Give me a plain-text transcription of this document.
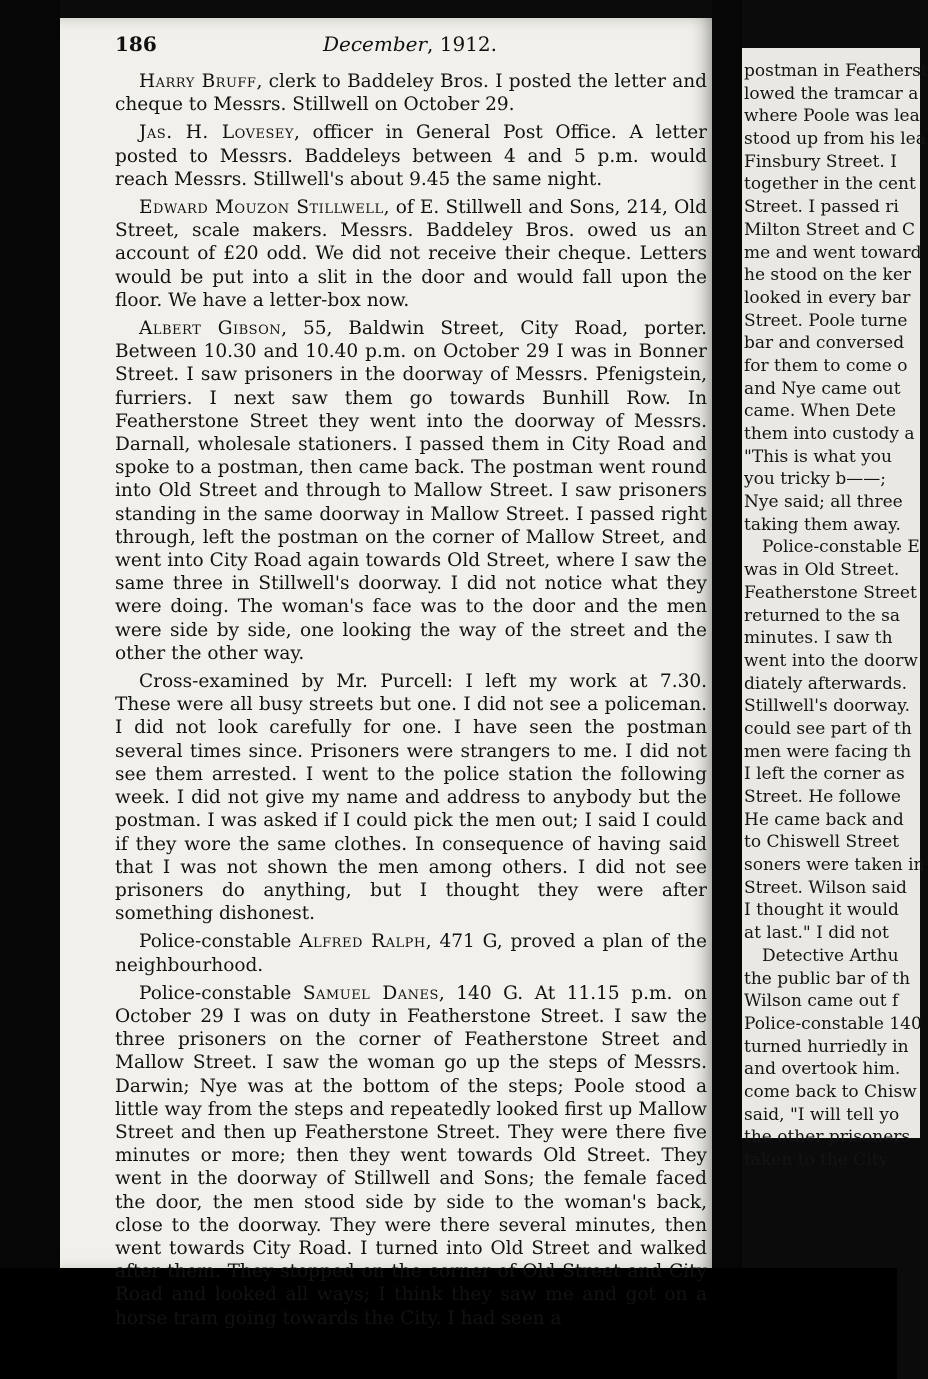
186	December, 1912.

Harry Bruff, clerk to Baddeley Bros. I posted the letter and cheque to Messrs. Stillwell on October 29.

Jas. H. Lovesey, officer in General Post Office. A letter posted to Messrs. Baddeleys between 4 and 5 p.m. would reach Messrs. Stillwell's about 9.45 the same night.

Edward Mouzon Stillwell, of E. Stillwell and Sons, 214, Old Street, scale makers. Messrs. Baddeley Bros. owed us an account of £20 odd. We did not receive their cheque. Letters would be put into a slit in the door and would fall upon the floor. We have a letter-box now.

Albert Gibson, 55, Baldwin Street, City Road, porter. Between 10.30 and 10.40 p.m. on October 29 I was in Bonner Street. I saw prisoners in the doorway of Messrs. Pfenigstein, furriers. I next saw them go towards Bunhill Row. In Featherstone Street they went into the doorway of Messrs. Darnall, wholesale stationers. I passed them in City Road and spoke to a postman, then came back. The postman went round into Old Street and through to Mallow Street. I saw prisoners standing in the same doorway in Mallow Street. I passed right through, left the postman on the corner of Mallow Street, and went into City Road again towards Old Street, where I saw the same three in Stillwell's doorway. I did not notice what they were doing. The woman's face was to the door and the men were side by side, one looking the way of the street and the other the other way.

Cross-examined by Mr. Purcell: I left my work at 7.30. These were all busy streets but one. I did not see a policeman. I did not look carefully for one. I have seen the postman several times since. Prisoners were strangers to me. I did not see them arrested. I went to the police station the following week. I did not give my name and address to anybody but the postman. I was asked if I could pick the men out; I said I could if they wore the same clothes. In consequence of having said that I was not shown the men among others. I did not see prisoners do anything, but I thought they were after something dishonest.

Police-constable Alfred Ralph, 471 G, proved a plan of the neighbourhood.

Police-constable Samuel Danes, 140 G. At 11.15 p.m. on October 29 I was on duty in Featherstone Street. I saw the three prisoners on the corner of Featherstone Street and Mallow Street. I saw the woman go up the steps of Messrs. Darwin; Nye was at the bottom of the steps; Poole stood a little way from the steps and repeatedly looked first up Mallow Street and then up Featherstone Street. They were there five minutes or more; then they went towards Old Street. They went in the doorway of Stillwell and Sons; the female faced the door, the men stood side by side to the woman's back, close to the doorway. They were there several minutes, then went towards City Road. I turned into Old Street and walked after them. They stopped on the corner of Old Street and City Road and looked all ways; I think they saw me and got on a horse tram going towards the City. I had seen a

postman in Featherst
lowed the tramcar a
where Poole was lea
stood up from his lea
Finsbury Street. I
together in the cent
Street. I passed ri
Milton Street and C
me and went toward
he stood on the ker
looked in every bar
Street. Poole turne
bar and conversed
for them to come o
and Nye came out
came. When Dete
them into custody a
"This is what you
you tricky b——;
Nye said; all three
taking them away.
Police-constable E
was in Old Street.
Featherstone Street
returned to the sa
minutes. I saw th
went into the doorw
diately afterwards.
Stillwell's doorway.
could see part of th
men were facing th
I left the corner as
Street. He followe
He came back and
to Chiswell Street
soners were taken in
Street. Wilson said
I thought it would
at last." I did not
Detective Arthu
the public bar of th
Wilson came out f
Police-constable 140
turned hurriedly in
and overtook him.
come back to Chisw
said, "I will tell yo
the other prisoners
taken to the City
